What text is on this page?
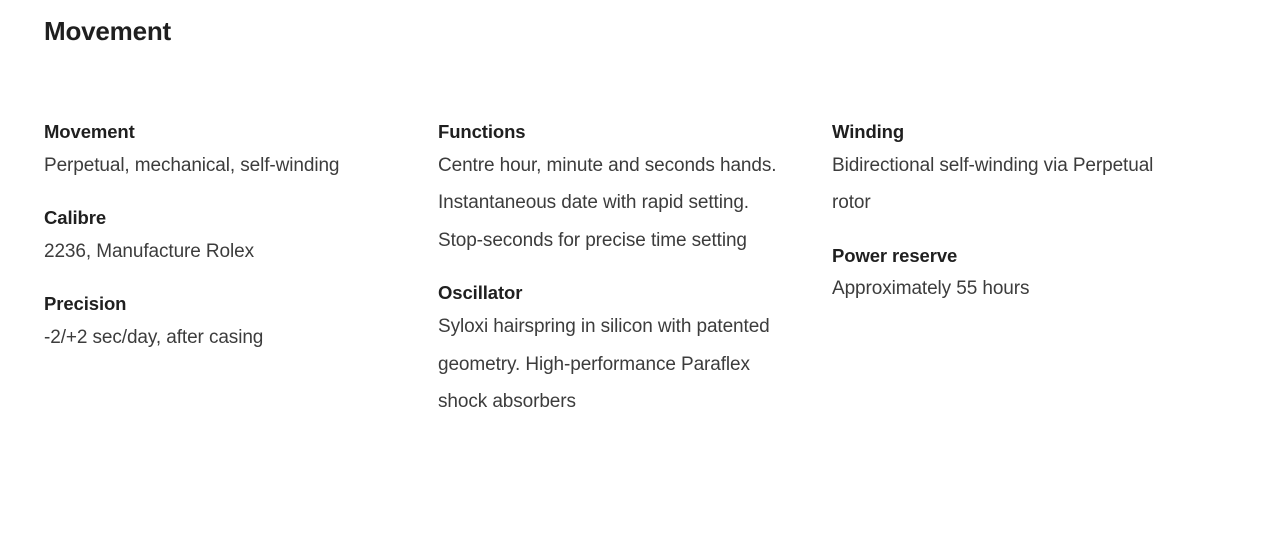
Movement
Movement
Perpetual, mechanical, self-winding
Calibre
2236, Manufacture Rolex
Precision
-2/+2 sec/day, after casing
Functions
Centre hour, minute and seconds hands. Instantaneous date with rapid setting. Stop-seconds for precise time setting
Oscillator
Syloxi hairspring in silicon with patented geometry. High-performance Paraflex shock absorbers
Winding
Bidirectional self-winding via Perpetual rotor
Power reserve
Approximately 55 hours
